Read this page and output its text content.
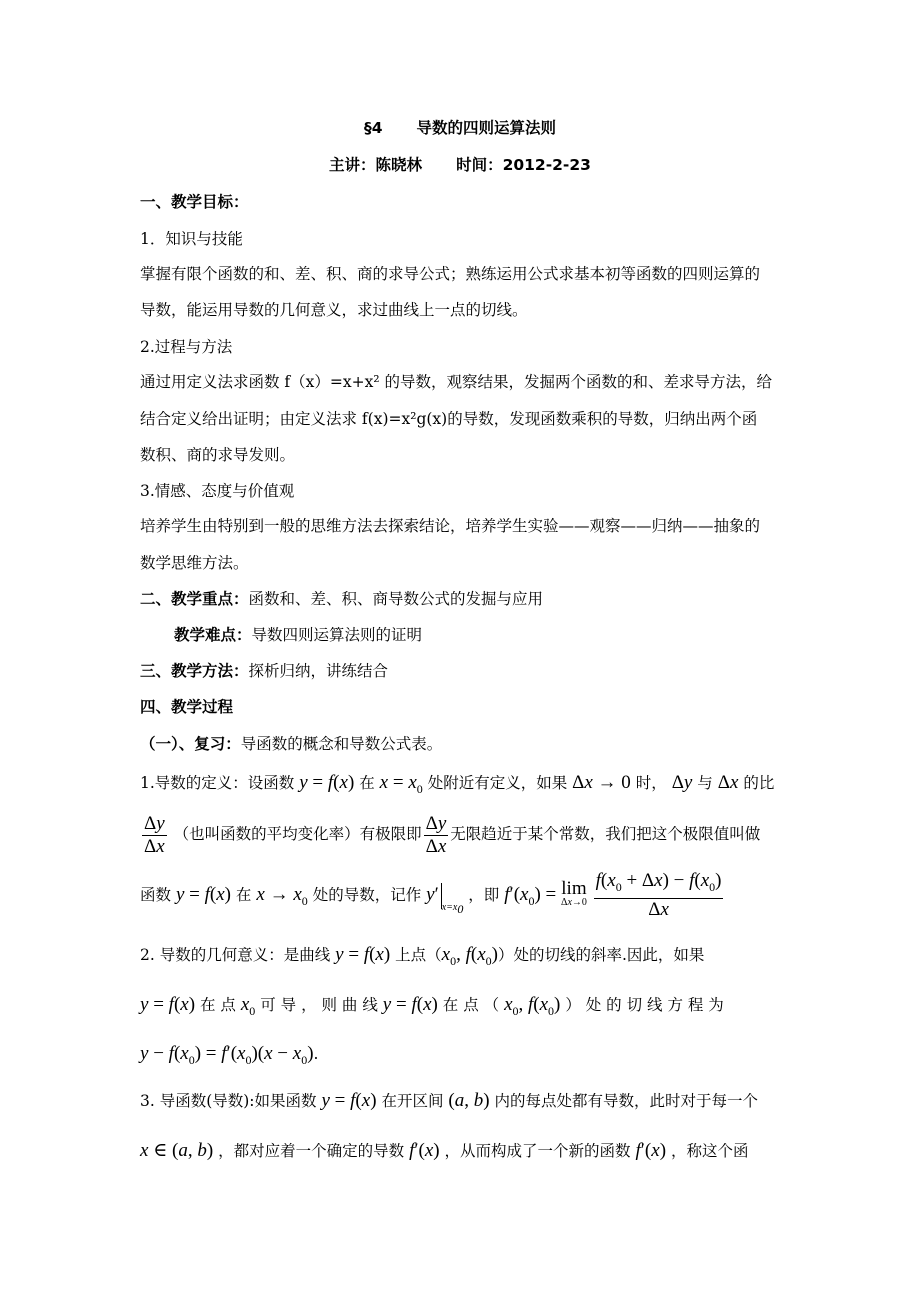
§4 导数的四则运算法则
主讲：陈晓林 时间：2012-2-23
一、教学目标：
1．知识与技能
掌握有限个函数的和、差、积、商的求导公式；熟练运用公式求基本初等函数的四则运算的
导数，能运用导数的几何意义，求过曲线上一点的切线。
2.过程与方法
通过用定义法求函数 f（x）=x+x² 的导数，观察结果，发掘两个函数的和、差求导方法，给
结合定义给出证明；由定义法求 f(x)=x²g(x)的导数，发现函数乘积的导数，归纳出两个函
数积、商的求导发则。
3.情感、态度与价值观
培养学生由特别到一般的思维方法去探索结论，培养学生实验——观察——归纳——抽象的
数学思维方法。
二、教学重点：函数和、差、积、商导数公式的发掘与应用
教学难点：导数四则运算法则的证明
三、教学方法：探析归纳，讲练结合
四、教学过程
（一）、复习：导函数的概念和导数公式表。
1.导数的定义：设函数 y = f(x) 在 $x = x_0$ 处附近有定义，如果 Δx → 0 时， Δy 与 Δx 的比
$\frac{\Delta y}{\Delta x}$ （也叫函数的平均变化率）有极限即 $\frac{\Delta y}{\Delta x}$ 无限趋近于某个常数，我们把这个极限值叫做
函数 y = f(x) 在 $x \to x_0$ 处的导数，记作 $y'_{x=x_0}$ ，即 $f'(x_0) = \lim$
Δx→0
$\frac{f(x_0 + \Delta x) - f(x_0)}{\Delta x}$
2. 导数的几何意义：是曲线 y = f(x) 上点（$x_0$, $f(x_0)$）处的切线的斜率.因此，如果
y = f(x) 在 点 $x_0$ 可 导 ， 则 曲 线 y = f(x) 在 点 （ $x_0$, $f(x_0)$ ） 处 的 切 线 方 程 为
$y - f(x_0) = f'(x_0)(x - x_0)$.
3. 导函数(导数):如果函数 y = f(x) 在开区间 (a, b) 内的每点处都有导数，此时对于每一个
x ∈ (a, b) ，都对应着一个确定的导数 f′(x) ，从而构成了一个新的函数 f′(x) ，称这个函
